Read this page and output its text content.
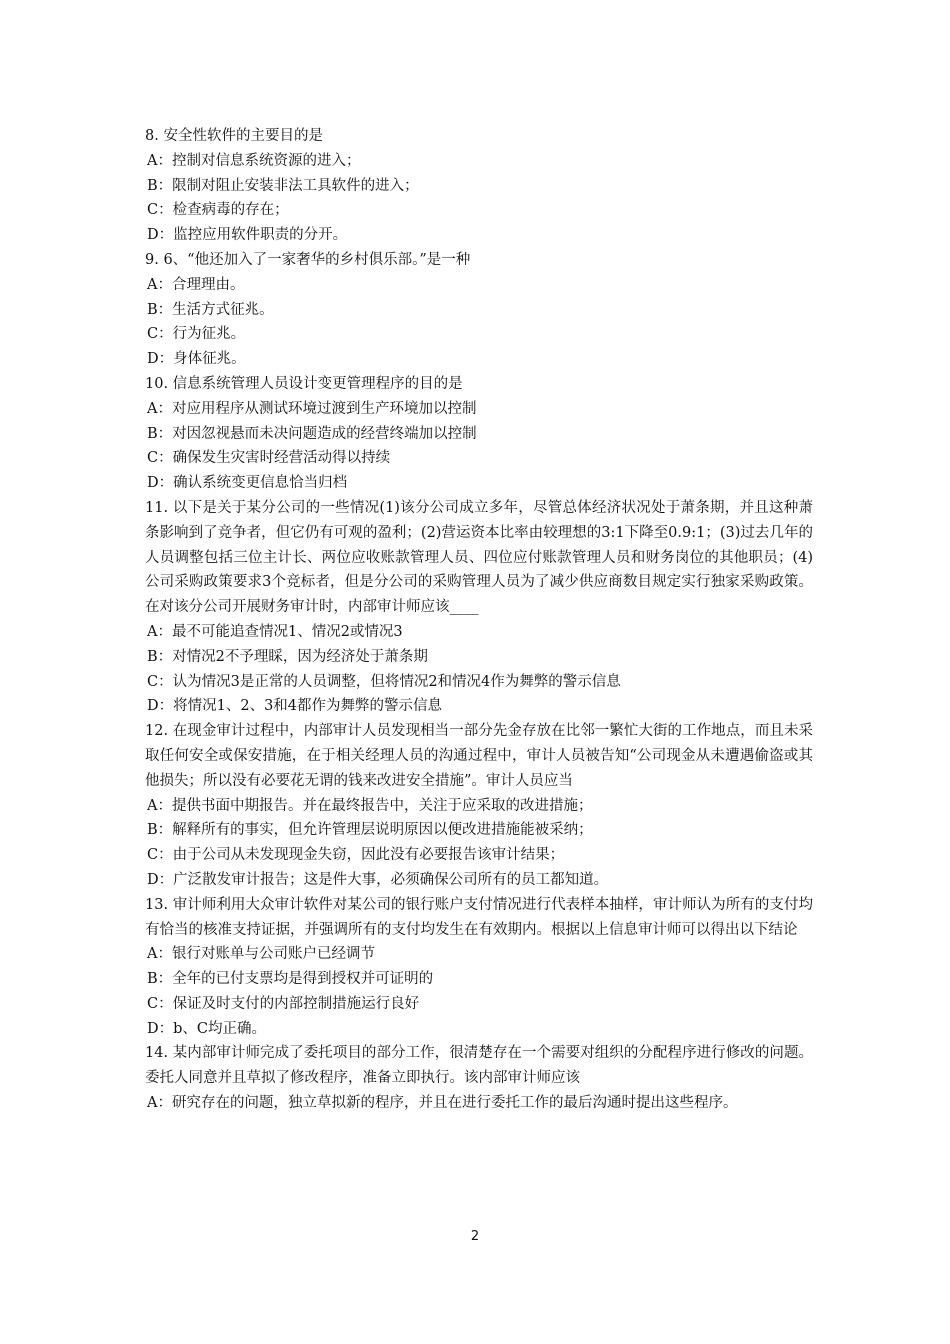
8. 安全性软件的主要目的是

A：控制对信息系统资源的进入；

B：限制对阻止安装非法工具软件的进入；

C：检查病毒的存在；

D：监控应用软件职责的分开。

9. 6、“他还加入了一家奢华的乡村俱乐部。”是一种

A：合理理由。

B：生活方式征兆。

C：行为征兆。

D：身体征兆。

10. 信息系统管理人员设计变更管理程序的目的是

A：对应用程序从测试环境过渡到生产环境加以控制

B：对因忽视悬而未决问题造成的经营终端加以控制

C：确保发生灾害时经营活动得以持续

D：确认系统变更信息恰当归档

11. 以下是关于某分公司的一些情况(1)该分公司成立多年，尽管总体经济状况处于萧条期，并且这种萧条影响到了竞争者，但它仍有可观的盈利；(2)营运资本比率由较理想的3:1下降至0.9:1；(3)过去几年的人员调整包括三位主计长、两位应收账款管理人员、四位应付账款管理人员和财务岗位的其他职员；(4)公司采购政策要求3个竞标者，但是分公司的采购管理人员为了减少供应商数目规定实行独家采购政策。在对该分公司开展财务审计时，内部审计师应该____

A：最不可能追查情况1、情况2或情况3

B：对情况2不予理睬，因为经济处于萧条期

C：认为情况3是正常的人员调整，但将情况2和情况4作为舞弊的警示信息

D：将情况1、2、3和4都作为舞弊的警示信息

12. 在现金审计过程中，内部审计人员发现相当一部分先金存放在比邻一繁忙大街的工作地点，而且未采取任何安全或保安措施，在于相关经理人员的沟通过程中，审计人员被告知“公司现金从未遭遇偷盗或其他损失；所以没有必要花无谓的钱来改进安全措施”。审计人员应当

A：提供书面中期报告。并在最终报告中，关注于应采取的改进措施；

B：解释所有的事实，但允许管理层说明原因以便改进措施能被采纳；

C：由于公司从未发现现金失窃，因此没有必要报告该审计结果；

D：广泛散发审计报告；这是件大事，必须确保公司所有的员工都知道。

13. 审计师利用大众审计软件对某公司的银行账户支付情况进行代表样本抽样，审计师认为所有的支付均有恰当的核准支持证据，并强调所有的支付均发生在有效期内。根据以上信息审计师可以得出以下结论

A：银行对账单与公司账户已经调节

B：全年的已付支票均是得到授权并可证明的

C：保证及时支付的内部控制措施运行良好

D：b、C均正确。

14. 某内部审计师完成了委托项目的部分工作，很清楚存在一个需要对组织的分配程序进行修改的问题。委托人同意并且草拟了修改程序，准备立即执行。该内部审计师应该

A：研究存在的问题，独立草拟新的程序，并且在进行委托工作的最后沟通时提出这些程序。

2
